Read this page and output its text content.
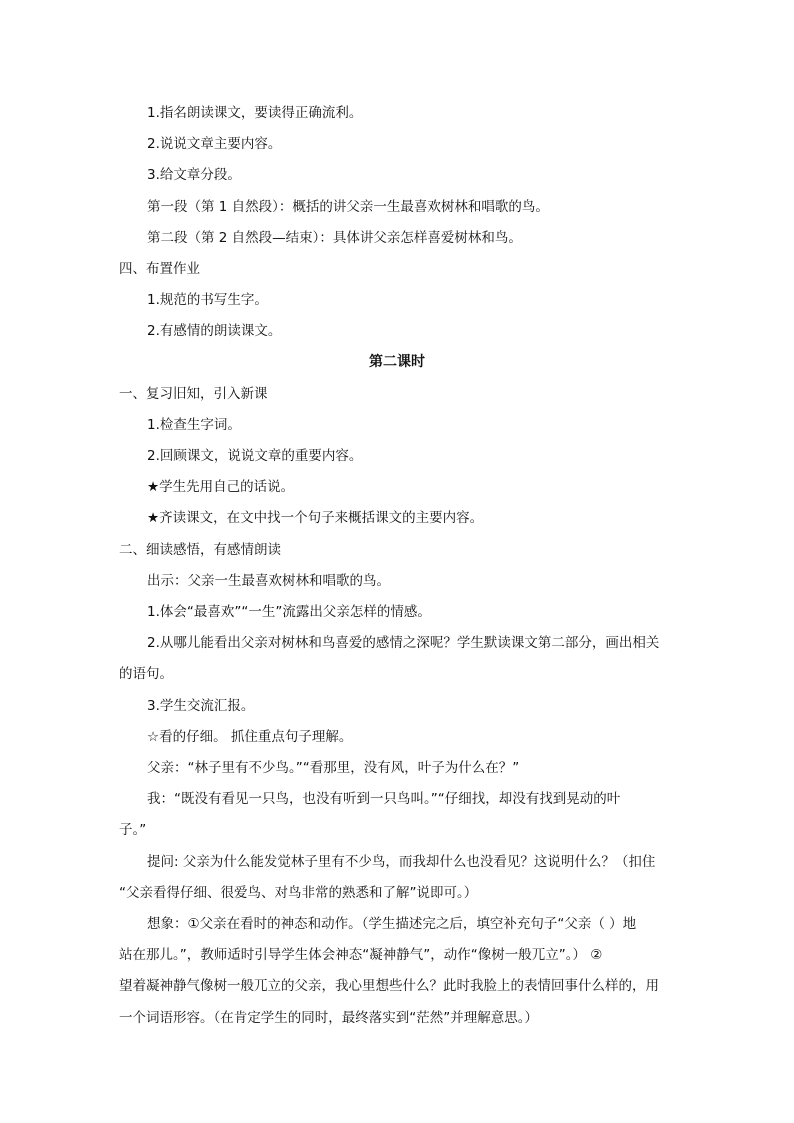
1.指名朗读课文，要读得正确流利。
2.说说文章主要内容。
3.给文章分段。
第一段（第 1 自然段）：概括的讲父亲一生最喜欢树林和唱歌的鸟。
第二段（第 2 自然段—结束）：具体讲父亲怎样喜爱树林和鸟。
四、布置作业
1.规范的书写生字。
2.有感情的朗读课文。
第二课时
一、复习旧知，引入新课
1.检查生字词。
2.回顾课文，说说文章的重要内容。
★学生先用自己的话说。
★齐读课文，在文中找一个句子来概括课文的主要内容。
二、细读感悟，有感情朗读
出示：父亲一生最喜欢树林和唱歌的鸟。
1.体会“最喜欢”“一生”流露出父亲怎样的情感。
2.从哪儿能看出父亲对树林和鸟喜爱的感情之深呢？学生默读课文第二部分，画出相关
的语句。
3.学生交流汇报。
☆看的仔细。 抓住重点句子理解。
父亲：“林子里有不少鸟。”“看那里，没有风，叶子为什么在？”
我：“既没有看见一只鸟，也没有听到一只鸟叫。”“仔细找，却没有找到晃动的叶
子。”
提问: 父亲为什么能发觉林子里有不少鸟，而我却什么也没看见？这说明什么？（扣住
“父亲看得仔细、很爱鸟、对鸟非常的熟悉和了解”说即可。）
想象：①父亲在看时的神态和动作。（学生描述完之后，填空补充句子“父亲（ ）地
站在那儿。”，教师适时引导学生体会神态“凝神静气”，动作“像树一般兀立”。） ②
望着凝神静气像树一般兀立的父亲，我心里想些什么？此时我脸上的表情回事什么样的，用
一个词语形容。（在肯定学生的同时，最终落实到“茫然”并理解意思。）
